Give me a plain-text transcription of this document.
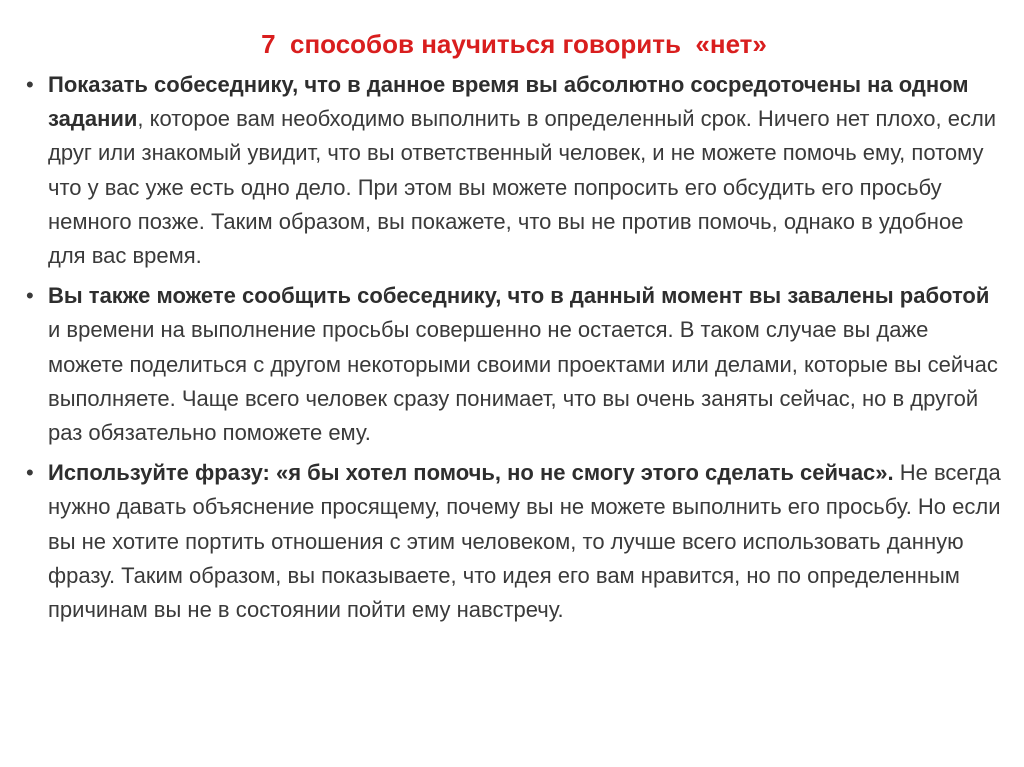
7  способов научиться говорить  «нет»
• Показать собеседнику, что в данное время вы абсолютно сосредоточены на одном задании, которое вам необходимо выполнить в определенный срок. Ничего нет плохо, если друг или знакомый увидит, что вы ответственный человек, и не можете помочь ему, потому что у вас уже есть одно дело. При этом вы можете попросить его обсудить его просьбу немного позже. Таким образом, вы покажете, что вы не против помочь, однако в удобное для вас время.
• Вы также можете сообщить собеседнику, что в данный момент вы завалены работой и времени на выполнение просьбы совершенно не остается. В таком случае вы даже можете поделиться с другом некоторыми своими проектами или делами, которые вы сейчас выполняете. Чаще всего человек сразу понимает, что вы очень заняты сейчас, но в другой раз обязательно поможете ему.
• Используйте фразу: «я бы хотел помочь, но не смогу этого сделать сейчас». Не всегда нужно давать объяснение просящему, почему вы не можете выполнить его просьбу. Но если вы не хотите портить отношения с этим человеком, то лучше всего использовать данную фразу. Таким образом, вы показываете, что идея его вам нравится, но по определенным причинам вы не в состоянии пойти ему навстречу.
